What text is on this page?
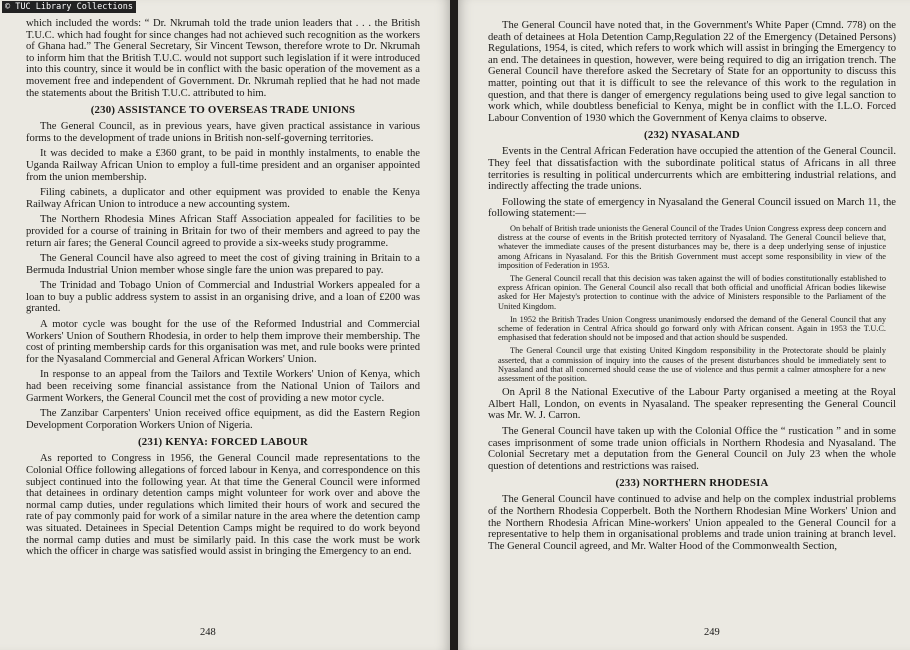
which included the words: “ Dr. Nkrumah told the trade union leaders that . . . the British T.U.C. which had fought for since changes had not achieved such recognition as the workers of Ghana had.” The General Secretary, Sir Vincent Tewson, therefore wrote to Dr. Nkrumah to inform him that the British T.U.C. would not support such legislation if it were introduced into this country, since it would be in conflict with the basic operation of the movement as a movement free and independent of Government. Dr. Nkrumah replied that he had not made the statements about the British T.U.C. attributed to him.

(230) ASSISTANCE TO OVERSEAS TRADE UNIONS

The General Council, as in previous years, have given practical assistance in various forms to the development of trade unions in British non-self-governing territories.

It was decided to make a £360 grant, to be paid in monthly instalments, to enable the Uganda Railway African Union to employ a full-time president and an organiser appointed from the union membership.

Filing cabinets, a duplicator and other equipment was provided to enable the Kenya Railway African Union to introduce a new accounting system.

The Northern Rhodesia Mines African Staff Association appealed for facilities to be provided for a course of training in Britain for two of their members and agreed to pay the return air fares; the General Council agreed to provide a six-weeks study programme.

The General Council have also agreed to meet the cost of giving training in Britain to a Bermuda Industrial Union member whose single fare the union was prepared to pay.

The Trinidad and Tobago Union of Commercial and Industrial Workers appealed for a loan to buy a public address system to assist in an organising drive, and a loan of £200 was granted.

A motor cycle was bought for the use of the Reformed Industrial and Commercial Workers' Union of Southern Rhodesia, in order to help them improve their membership. The cost of printing membership cards for this organisation was met, and rule books were printed for the Nyasaland Commercial and General African Workers' Union.

In response to an appeal from the Tailors and Textile Workers' Union of Kenya, which had been receiving some financial assistance from the National Union of Tailors and Garment Workers, the General Council met the cost of providing a new motor cycle.

The Zanzibar Carpenters' Union received office equipment, as did the Eastern Region Development Corporation Workers Union of Nigeria.

(231) KENYA: FORCED LABOUR

As reported to Congress in 1956, the General Council made representations to the Colonial Office following allegations of forced labour in Kenya, and correspondence on this subject continued into the following year. At that time the General Council were informed that detainees in ordinary detention camps might volunteer for work over and above the normal camp duties, under regulations which limited their hours of work and secured the rate of pay commonly paid for work of a similar nature in the area where the detention camp was situated. Detainees in Special Detention Camps might be required to do work beyond the normal camp duties and must be similarly paid. In this case the work must be work which the officer in charge was satisfied would assist in bringing the Emergency to an end.

248

The General Council have noted that, in the Government's White Paper (Cmnd. 778) on the death of detainees at Hola Detention Camp,Regulation 22 of the Emergency (Detained Persons) Regulations, 1954, is cited, which refers to work which will assist in bringing the Emergency to an end. The detainees in question, however, were being required to dig an irrigation trench. The General Council have therefore asked the Secretary of State for an opportunity to discuss this matter, pointing out that it is difficult to see the relevance of this work to the regulation in question, and that there is danger of emergency regulations being used to give legal sanction to work which, while doubtless beneficial to Kenya, might be in conflict with the I.L.O. Forced Labour Convention of 1930 which the Government of Kenya claims to observe.

(232) NYASALAND

Events in the Central African Federation have occupied the attention of the General Council. They feel that dissatisfaction with the subordinate political status of Africans in all three territories is resulting in political undercurrents which are embittering industrial relations, and indirectly affecting the trade unions.

Following the state of emergency in Nyasaland the General Council issued on March 11, the following statement:—

On behalf of British trade unionists the General Council of the Trades Union Congress express deep concern and distress at the course of events in the British protected territory of Nyasaland. The General Council believe that, whatever the immediate causes of the present disturbances may be, there is a deep underlying sense of injustice among Africans in Nyasaland. For this the British Government must accept some responsibility in view of the imposition of Federation in 1953.

The General Council recall that this decision was taken against the will of bodies constitutionally established to express African opinion. The General Council also recall that both official and unofficial African bodies likewise asked for Her Majesty's protection to continue with the advice of Ministers responsible to the Parliament of the United Kingdom.

In 1952 the British Trades Union Congress unanimously endorsed the demand of the General Council that any scheme of federation in Central Africa should go forward only with African consent. Again in 1953 the T.U.C. emphasised that federation should not be imposed and that action should be suspended.

The General Council urge that existing United Kingdom responsibility in the Protectorate should be plainly asserted, that a commission of inquiry into the causes of the present disturbances should be immediately sent to Nyasaland and that all concerned should cease the use of violence and thus permit a calmer atmosphere for a new assessment of the position.

On April 8 the National Executive of the Labour Party organised a meeting at the Royal Albert Hall, London, on events in Nyasaland. The speaker representing the General Council was Mr. W. J. Carron.

The General Council have taken up with the Colonial Office the “ rustication ” and in some cases imprisonment of some trade union officials in Northern Rhodesia and Nyasaland. The Colonial Secretary met a deputation from the General Council on July 23 when the whole question of detentions and restrictions was raised.

(233) NORTHERN RHODESIA

The General Council have continued to advise and help on the complex industrial problems of the Northern Rhodesia Copperbelt. Both the Northern Rhodesian Mine Workers' Union and the Northern Rhodesia African Mine-workers' Union appealed to the General Council for a representative to help them in organisational problems and trade union training at branch level. The General Council agreed, and Mr. Walter Hood of the Commonwealth Section,

249
© TUC Library Collections
